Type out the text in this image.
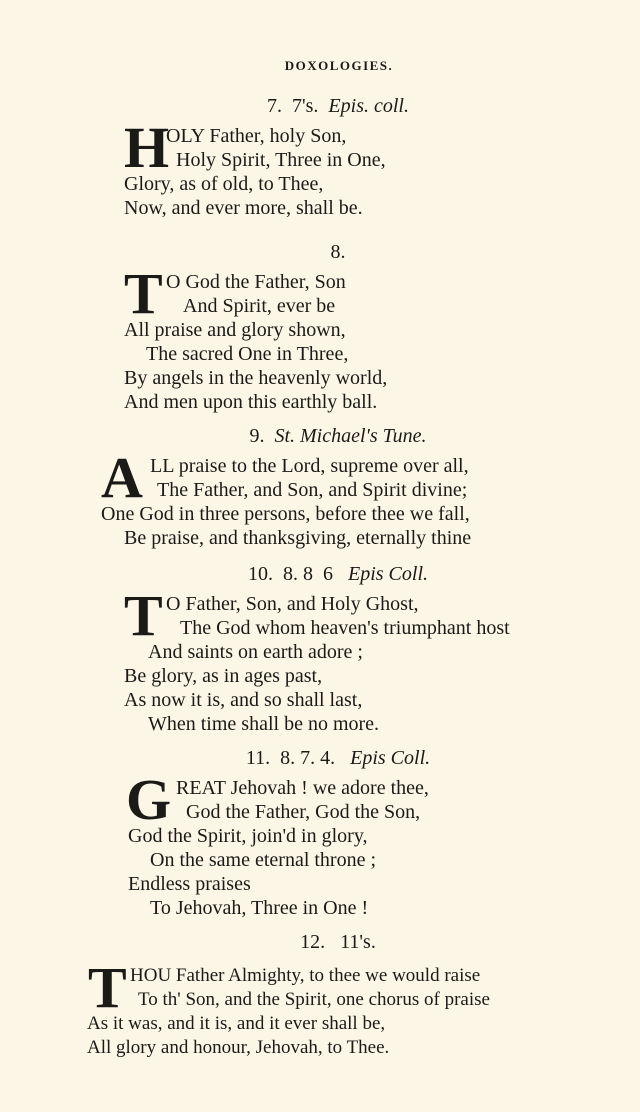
DOXOLOGIES.
7. 7's. Epis. coll.
H
OLY Father, holy Son,
Holy Spirit, Three in One,
Glory, as of old, to Thee,
Now, and ever more, shall be.
8.
T O God the Father, Son
And Spirit, ever be
All praise and glory shown,
The sacred One in Three,
By angels in the heavenly world,
And men upon this earthly ball.
9. St. Michael's Tune.
A LL praise to the Lord, supreme over all,
The Father, and Son, and Spirit divine;
One God in three persons, before thee we fall,
Be praise, and thanksgiving, eternally thine
10. 8. 8  6 Epis Coll.
T O Father, Son, and Holy Ghost,
The God whom heaven's triumphant host
And saints on earth adore ;
Be glory, as in ages past,
As now it is, and so shall last,
When time shall be no more.
11. 8. 7. 4. Epis Coll.
G REAT Jehovah ! we adore thee,
God the Father, God the Son,
God the Spirit, join'd in glory,
On the same eternal throne ;
Endless praises
To Jehovah, Three in One !
12. 11's.
T HOU Father Almighty, to thee we would raise
To th' Son, and the Spirit, one chorus of praise
As it was, and it is, and it ever shall be,
All glory and honour, Jehovah, to Thee.
